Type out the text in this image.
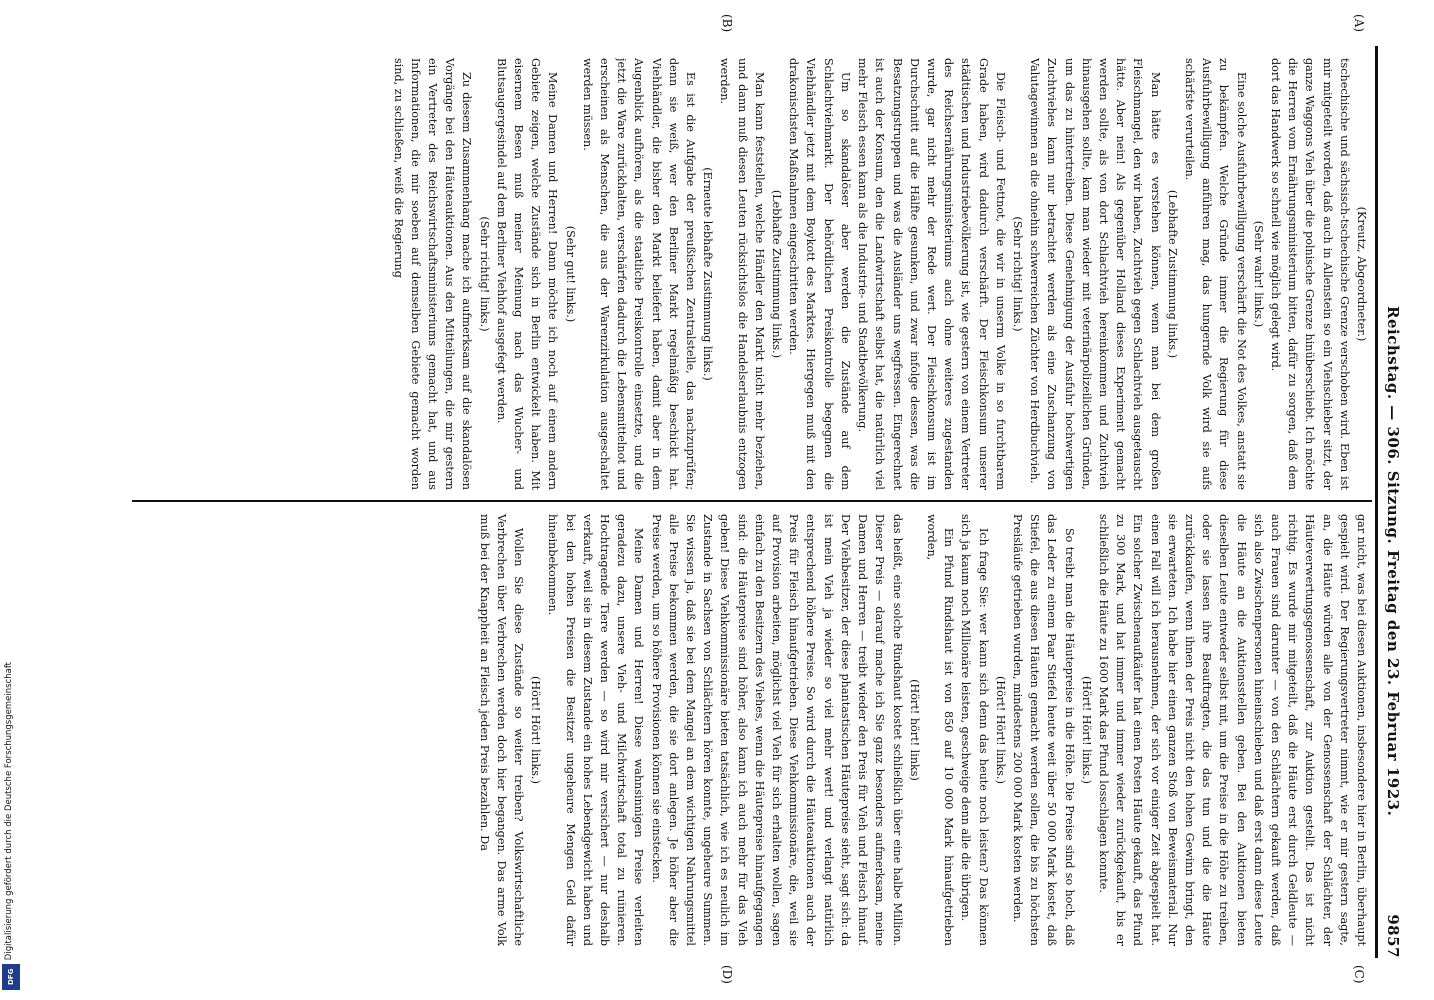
Reichstag. — 306. Sitzung. Freitag den 23. Februar 1923.
9857
(A)
(B)
(C)
(D)

(Kreutz, Abgeordneter.)

tschechische und sächsisch-tschechische Grenze verschoben wird. Eben ist mir mitgeteilt worden, daß auch in Allenstein so ein Viehschieber sitzt, der ganze Waggons Vieh über die polnische Grenze hinüberschiebt. Ich möchte die Herren vom Ernährungsministerium bitten, dafür zu sorgen, daß dem dort das Handwerk so schnell wie möglich gelegt wird.

(Sehr wahr! links.)

Eine solche Ausfuhrbewilligung verschärft die Not des Volkes, anstatt sie zu bekämpfen. Welche Gründe immer die Regierung für diese Ausfuhrbewilligung anführen mag, das hungernde Volk wird sie aufs schärfste verurteilen.

(Lebhafte Zustimmung links.)

Man hätte es verstehen können, wenn man bei dem großen Fleischmangel, den wir haben, Zuchtvieh gegen Schlachtvieh ausgetauscht hätte. Aber nein! Als gegenüber Holland dieses Experiment gemacht werden sollte, als von dort Schlachtvieh hereinkommen und Zuchtvieh hinausgehen sollte, kam man wieder mit veterinärpolizeilichen Gründen, um das zu hintertreiben. Diese Genehmigung der Ausfuhr hochwertigen Zuchtviehes kann nur betrachtet werden als eine Zuschanzung von Valutagewinnen an die ohnehin schwerreichen Züchter von Herdbuchvieh.

(Sehr richtig! links.)

Die Fleisch- und Fettnot, die wir in unserm Volke in so furchtbarem Grade haben, wird dadurch verschärft. Der Fleischkonsum unserer städtischen und Industriebevölkerung ist, wie gestern von einem Vertreter des Reichsernährungsministeriums auch ohne weiteres zugestanden wurde, gar nicht mehr der Rede wert. Der Fleischkonsum ist im Durchschnitt auf die Hälfte gesunken, und zwar infolge dessen, was die Besatzungstruppen und was die Ausländer uns wegfressen. Eingerechnet ist auch der Konsum, den die Landwirtschaft selbst hat, die natürlich viel mehr Fleisch essen kann als die Industrie- und Stadtbevölkerung.

Um so skandalöser aber werden die Zustände auf dem Schlachtviehmarkt. Der behördlichen Preiskontrolle begegnen die Viehhändler jetzt mit dem Boykott des Marktes. Hiergegen muß mit den drakonischsten Maßnahmen eingeschritten werden.

(Lebhafte Zustimmung links.)

Man kann feststellen, welche Händler den Markt nicht mehr beziehen, und dann muß diesen Leuten rücksichtslos die Handelserlaubnis entzogen werden.

(Erneute lebhafte Zustimmung links.)

Es ist die Aufgabe der preußischen Zentralstelle, das nachzuprüfen; denn sie weiß, wer den Berliner Markt regelmäßig beschickt hat. Viehhändler, die bisher den Markt beliefert haben, damit aber in dem Augenblick aufhören, als die staatliche Preiskontrolle einsetzte, und die jetzt die Ware zurückhalten, verschärfen dadurch die Lebensmittelnot und erscheinen als Menschen, die aus der Warenzirkulation ausgeschaltet werden müssen.

(Sehr gut! links.)

Meine Damen und Herren! Dann möchte ich noch auf einem andern Gebiete zeigen, welche Zustände sich in Berlin entwickelt haben. Mit eisernem Besen muß meiner Meinung nach das Wucher- und Blutsaugergesindel auf dem Berliner Viehhof ausgefegt werden.

(Sehr richtig! links.)

Zu diesem Zusammenhang mache ich aufmerksam auf die skandalösen Vorgänge bei den Häuteauktionen. Aus den Mitteilungen, die mir gestern ein Vertreter des Reichswirtschaftsministeriums gemacht hat, und aus Informationen, die mir soeben auf demselben Gebiete gemacht worden sind, zu schließen, weiß die Regierung

gar nicht, was bei diesen Auktionen, insbesondere hier in Berlin, überhaupt gespielt wird. Der Regierungsvertreter nimmt, wie er mir gestern sagte, an, die Häute würden alle von der Genossenschaft der Schlächter, der Häuteverwertungsgenossenschaft, zur Auktion gestellt. Das ist nicht richtig. Es wurde mir mitgeteilt, daß die Häute erst durch Geldleute — auch Frauen sind darunter — von den Schlächtern gekauft werden, daß sich also Zwischenpersonen hineinschieben und daß erst dann diese Leute die Häute an die Auktionsstellen geben. Bei den Auktionen bieten dieselben Leute entweder selbst mit, um die Preise in die Höhe zu treiben, oder sie lassen ihre Beauftragten, die das tun und die die Häute zurückkaufen, wenn ihnen der Preis nicht den hohen Gewinn bringt, den sie erwarteten. Ich habe hier einen ganzen Stoß von Beweismaterial. Nur einen Fall will ich herausnehmen, der sich vor einiger Zeit abgespielt hat. Ein solcher Zwischenaufkäufer hat einen Posten Häute gekauft, das Pfund zu 300 Mark, und hat immer und immer wieder zurückgekauft, bis er schließlich die Häute zu 1600 Mark das Pfund losschlagen konnte.

(Hört! Hört! links.)

So treibt man die Häutepreise in die Höhe. Die Preise sind so hoch, daß das Leder zu einem Paar Stiefel heute weit über 50 000 Mark kostet, daß Stiefel, die aus diesen Häuten gemacht werden sollen, die bis zu höchsten Preisläufe getrieben wurden, mindestens 200 000 Mark kosten werden.

(Hört! Hört! links.)

Ich frage Sie: wer kann sich denn das heute noch leisten? Das können sich ja kaum noch Millionäre leisten, geschweige denn alle die übrigen.

Ein Pfund Rindshaut ist von 850 auf 10 000 Mark hinaufgetrieben worden,

(Hört! hört! links)

das heißt, eine solche Rindshaut kostet schließlich über eine halbe Million. Dieser Preis — darauf mache ich Sie ganz besonders aufmerksam, meine Damen und Herren — treibt wieder den Preis für Vieh und Fleisch hinauf. Der Viehbesitzer, der diese phantastischen Häutepreise sieht, sagt sich: da ist mein Vieh ja wieder so viel mehr wert! und verlangt natürlich entsprechend höhere Preise. So wird durch die Häuteauktionen auch der Preis für Fleisch hinaufgetrieben. Diese Viehkommissionäre, die, weil sie auf Provision arbeiten, möglichst viel Vieh für sich erhalten wollen, sagen einfach zu den Besitzern des Viehes, wenn die Häutepreise hinaufgegangen sind: die Häutepreise sind höher, also kann ich auch mehr für das Vieh geben! Diese Viehkommissionäre bieten tatsächlich, wie ich es neulich im Zustande in Sachsen von Schlächtern hören konnte, ungeheure Summen. Sie wissen ja, daß sie bei dem Mangel an dem wichtigen Nahrungsmittel alle Preise bekommen werden, die sie dort anlegen. Je höher aber die Preise werden, um so höhere Provisionen können sie einstecken.

Meine Damen und Herren! Diese wahnsinnigen Preise verleiten geradezu dazu, unsere Vieh- und Milchwirtschaft total zu ruinieren. Hochtragende Tiere werden — so wird mir versichert — nur deshalb verkauft, weil sie in diesem Zustande ein hohes Lebendgewicht haben und bei den hohen Preisen die Besitzer ungeheure Mengen Geld dafür hineinbekommen.

(Hört! Hört! links.)

Wollen Sie diese Zustände so weiter treiben? Volkswirtschaftliche Verbrechen über Verbrechen werden doch hier begangen. Das arme Volk muß bei der Knappheit an Fleisch jeden Preis bezahlen. Da

Digitalisierung gefördert durch die Deutsche Forschungsgemeinschaft
DFG
